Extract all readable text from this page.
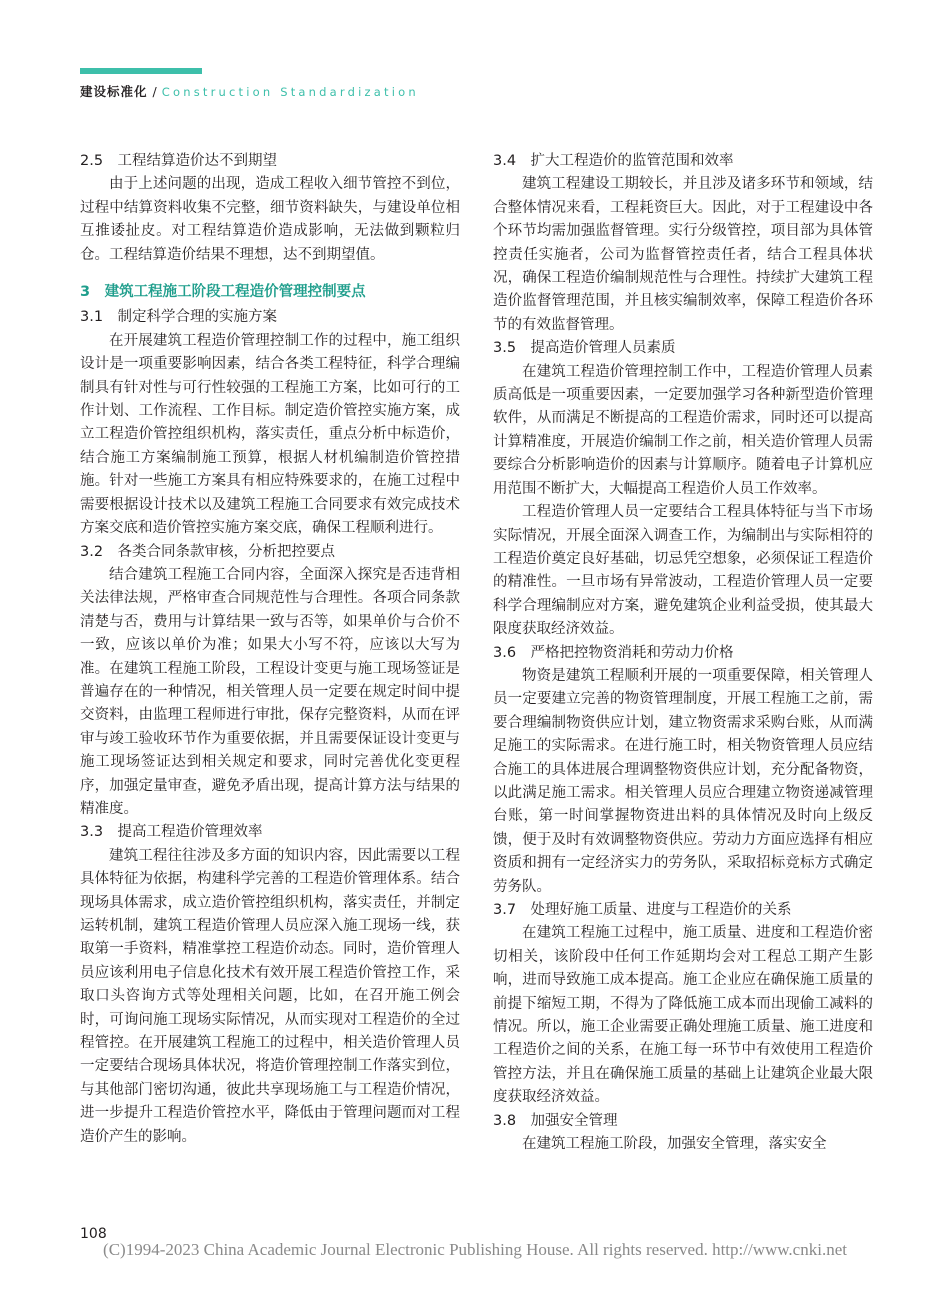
建设标准化 / Construction Standardization

2.5　工程结算造价达不到期望

由于上述问题的出现，造成工程收入细节管控不到位，过程中结算资料收集不完整，细节资料缺失，与建设单位相互推诿扯皮。对工程结算造价造成影响，无法做到颗粒归仓。工程结算造价结果不理想，达不到期望值。

3　建筑工程施工阶段工程造价管理控制要点

3.1　制定科学合理的实施方案

在开展建筑工程造价管理控制工作的过程中，施工组织设计是一项重要影响因素，结合各类工程特征，科学合理编制具有针对性与可行性较强的工程施工方案，比如可行的工作计划、工作流程、工作目标。制定造价管控实施方案，成立工程造价管控组织机构，落实责任，重点分析中标造价，结合施工方案编制施工预算，根据人材机编制造价管控措施。针对一些施工方案具有相应特殊要求的，在施工过程中需要根据设计技术以及建筑工程施工合同要求有效完成技术方案交底和造价管控实施方案交底，确保工程顺利进行。

3.2　各类合同条款审核，分析把控要点

结合建筑工程施工合同内容，全面深入探究是否违背相关法律法规，严格审查合同规范性与合理性。各项合同条款清楚与否，费用与计算结果一致与否等，如果单价与合价不一致，应该以单价为准；如果大小写不符，应该以大写为准。在建筑工程施工阶段，工程设计变更与施工现场签证是普遍存在的一种情况，相关管理人员一定要在规定时间中提交资料，由监理工程师进行审批，保存完整资料，从而在评审与竣工验收环节作为重要依据，并且需要保证设计变更与施工现场签证达到相关规定和要求，同时完善优化变更程序，加强定量审查，避免矛盾出现，提高计算方法与结果的精准度。

3.3　提高工程造价管理效率

建筑工程往往涉及多方面的知识内容，因此需要以工程具体特征为依据，构建科学完善的工程造价管理体系。结合现场具体需求，成立造价管控组织机构，落实责任，并制定运转机制，建筑工程造价管理人员应深入施工现场一线，获取第一手资料，精准掌控工程造价动态。同时，造价管理人员应该利用电子信息化技术有效开展工程造价管控工作，采取口头咨询方式等处理相关问题，比如，在召开施工例会时，可询问施工现场实际情况，从而实现对工程造价的全过程管控。在开展建筑工程施工的过程中，相关造价管理人员一定要结合现场具体状况，将造价管理控制工作落实到位，与其他部门密切沟通，彼此共享现场施工与工程造价情况，进一步提升工程造价管控水平，降低由于管理问题而对工程造价产生的影响。

3.4　扩大工程造价的监管范围和效率

建筑工程建设工期较长，并且涉及诸多环节和领域，结合整体情况来看，工程耗资巨大。因此，对于工程建设中各个环节均需加强监督管理。实行分级管控，项目部为具体管控责任实施者，公司为监督管控责任者，结合工程具体状况，确保工程造价编制规范性与合理性。持续扩大建筑工程造价监督管理范围，并且核实编制效率，保障工程造价各环节的有效监督管理。

3.5　提高造价管理人员素质

在建筑工程造价管理控制工作中，工程造价管理人员素质高低是一项重要因素，一定要加强学习各种新型造价管理软件，从而满足不断提高的工程造价需求，同时还可以提高计算精准度，开展造价编制工作之前，相关造价管理人员需要综合分析影响造价的因素与计算顺序。随着电子计算机应用范围不断扩大，大幅提高工程造价人员工作效率。

工程造价管理人员一定要结合工程具体特征与当下市场实际情况，开展全面深入调查工作，为编制出与实际相符的工程造价奠定良好基础，切忌凭空想象，必须保证工程造价的精准性。一旦市场有异常波动，工程造价管理人员一定要科学合理编制应对方案，避免建筑企业利益受损，使其最大限度获取经济效益。

3.6　严格把控物资消耗和劳动力价格

物资是建筑工程顺利开展的一项重要保障，相关管理人员一定要建立完善的物资管理制度，开展工程施工之前，需要合理编制物资供应计划，建立物资需求采购台账，从而满足施工的实际需求。在进行施工时，相关物资管理人员应结合施工的具体进展合理调整物资供应计划，充分配备物资，以此满足施工需求。相关管理人员应合理建立物资递减管理台账，第一时间掌握物资进出料的具体情况及时向上级反馈，便于及时有效调整物资供应。劳动力方面应选择有相应资质和拥有一定经济实力的劳务队，采取招标竞标方式确定劳务队。

3.7　处理好施工质量、进度与工程造价的关系

在建筑工程施工过程中，施工质量、进度和工程造价密切相关，该阶段中任何工作延期均会对工程总工期产生影响，进而导致施工成本提高。施工企业应在确保施工质量的前提下缩短工期，不得为了降低施工成本而出现偷工减料的情况。所以，施工企业需要正确处理施工质量、施工进度和工程造价之间的关系，在施工每一环节中有效使用工程造价管控方法，并且在确保施工质量的基础上让建筑企业最大限度获取经济效益。

3.8　加强安全管理

在建筑工程施工阶段，加强安全管理，落实安全

108
(C)1994-2023 China Academic Journal Electronic Publishing House. All rights reserved. http://www.cnki.net
